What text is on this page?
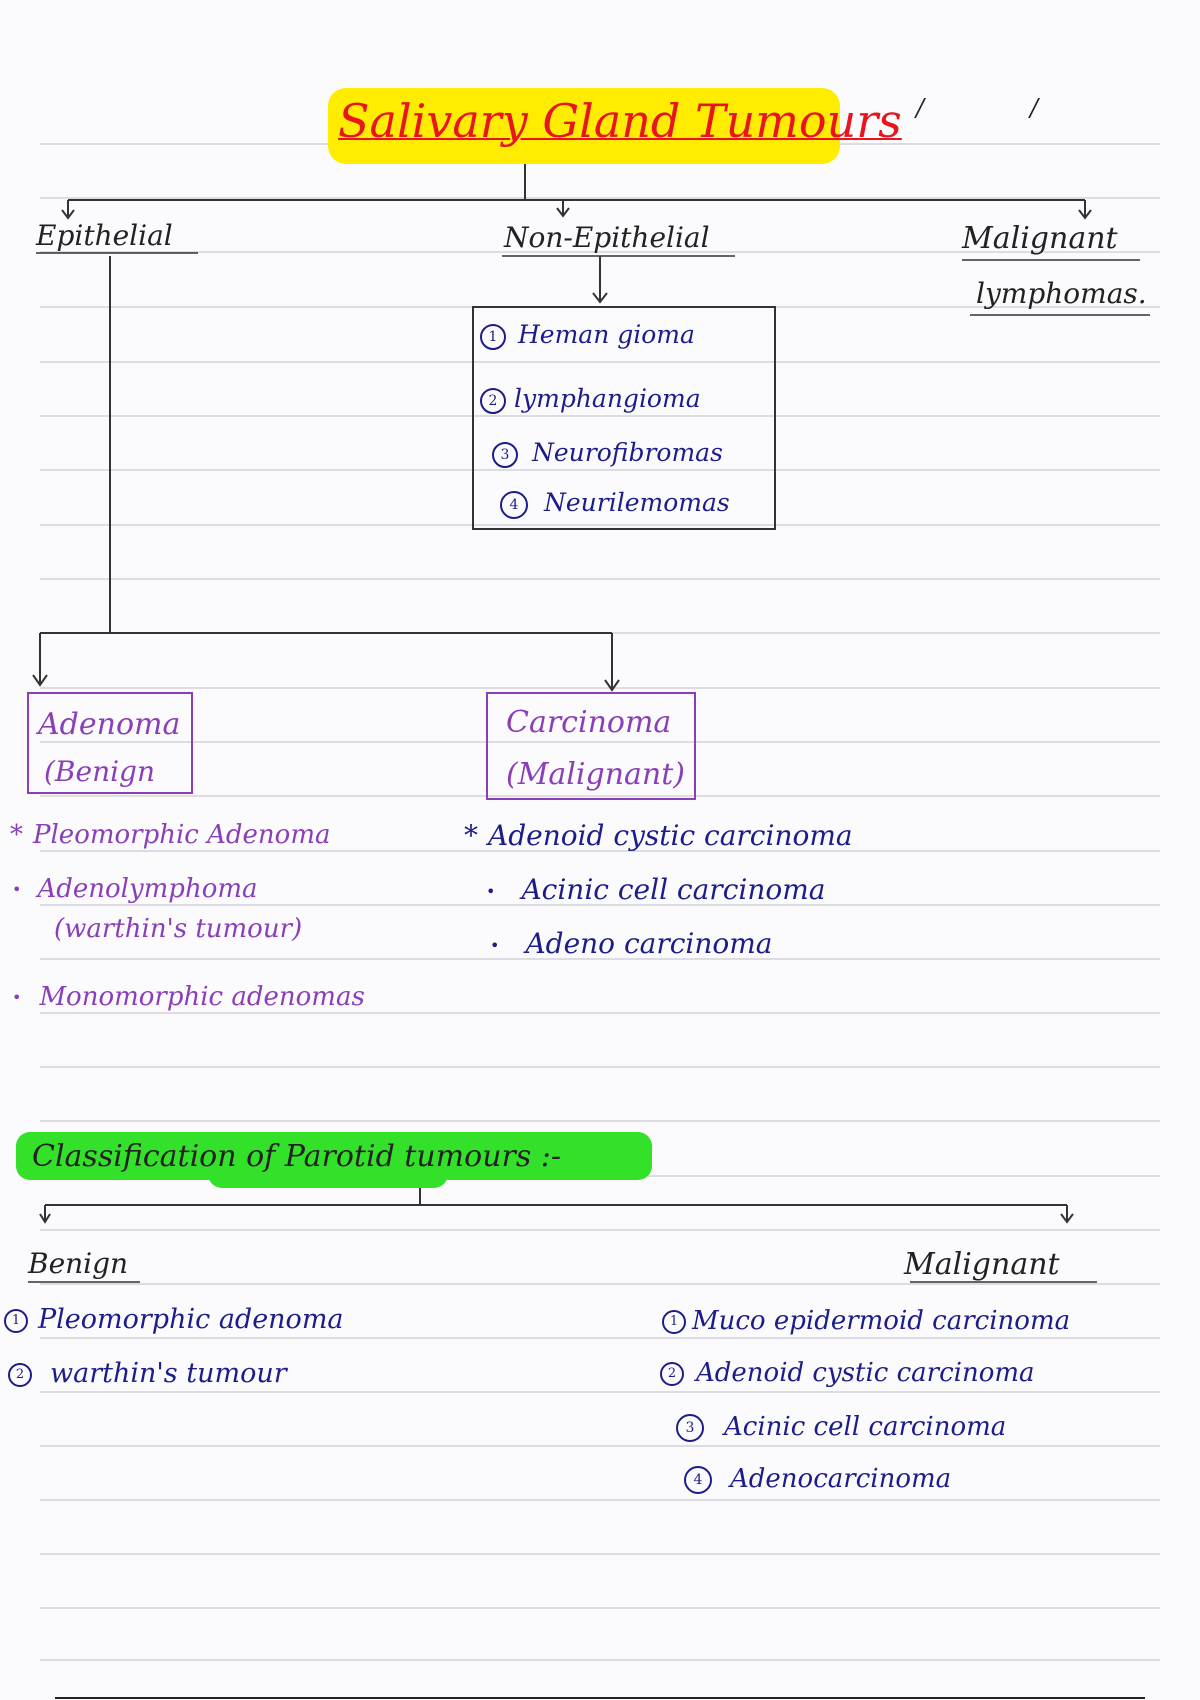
Salivary Gland Tumours /	/
Epithelial	Non-Epithelial	Malignant
lymphomas.
1 Heman gioma
2 lymphangioma
3 Neurofibromas
4 Neurilemomas
Adenoma
(Benign
Carcinoma
(Malignant)
* Pleomorphic Adenoma
• Adenolymphoma
(warthin's tumour)
• Monomorphic adenomas
* Adenoid cystic carcinoma
• Acinic cell carcinoma
• Adeno carcinoma
Classification of Parotid tumours :-
Benign	Malignant
1 Pleomorphic adenoma
2 warthin's tumour
1 Muco epidermoid carcinoma
2 Adenoid cystic carcinoma
3 Acinic cell carcinoma
4 Adenocarcinoma
